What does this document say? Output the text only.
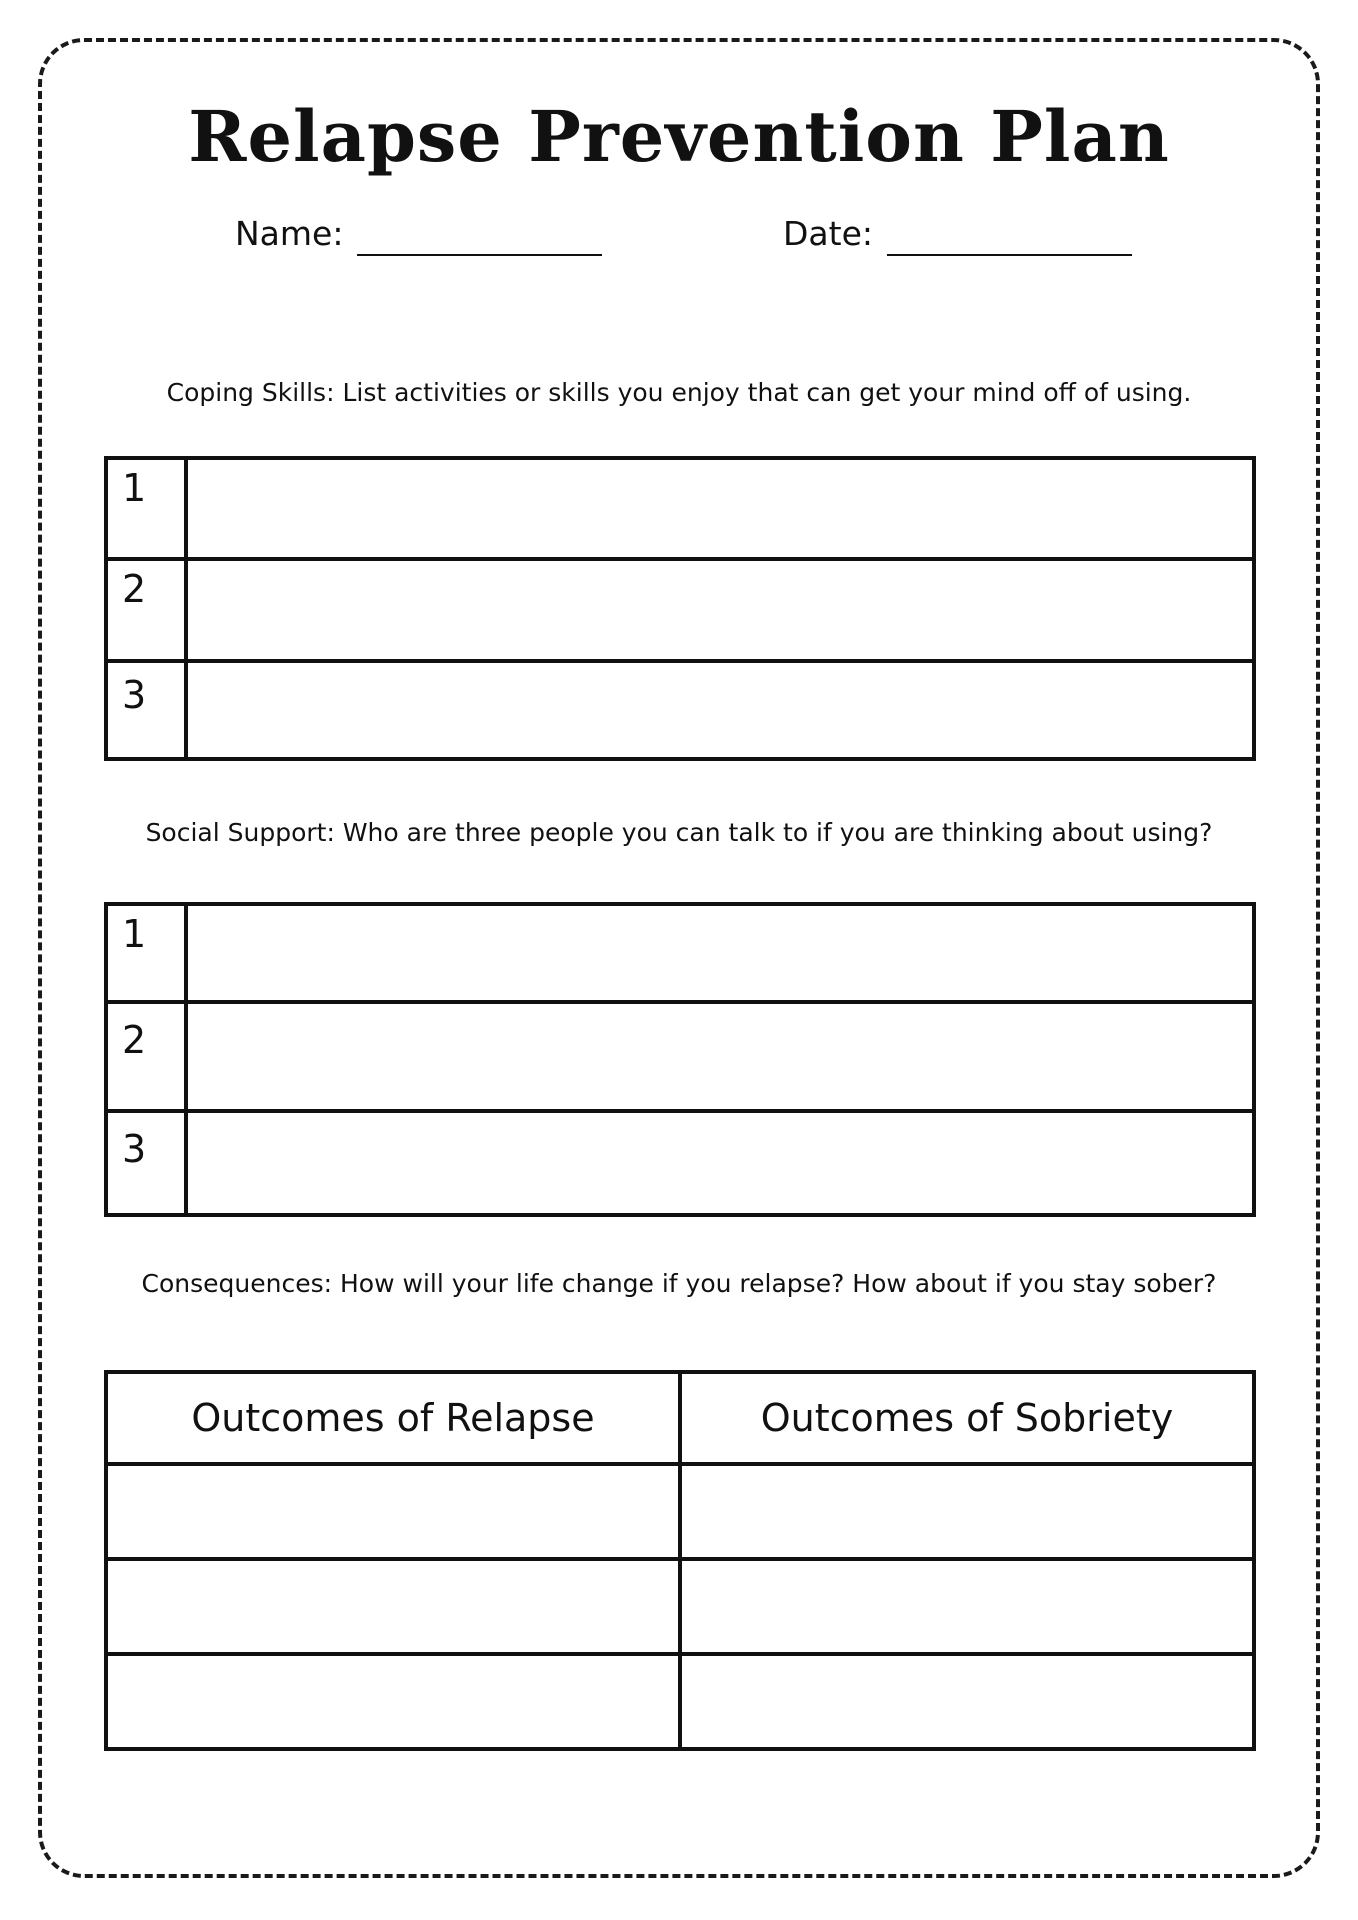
Relapse Prevention Plan
Name:	Date:
Coping Skills: List activities or skills you enjoy that can get your mind off of using.
1	
2	
3	
Social Support: Who are three people you can talk to if you are thinking about using?
1	
2	
3	
Consequences: How will your life change if you relapse? How about if you stay sober?
Outcomes of Relapse	Outcomes of Sobriety
